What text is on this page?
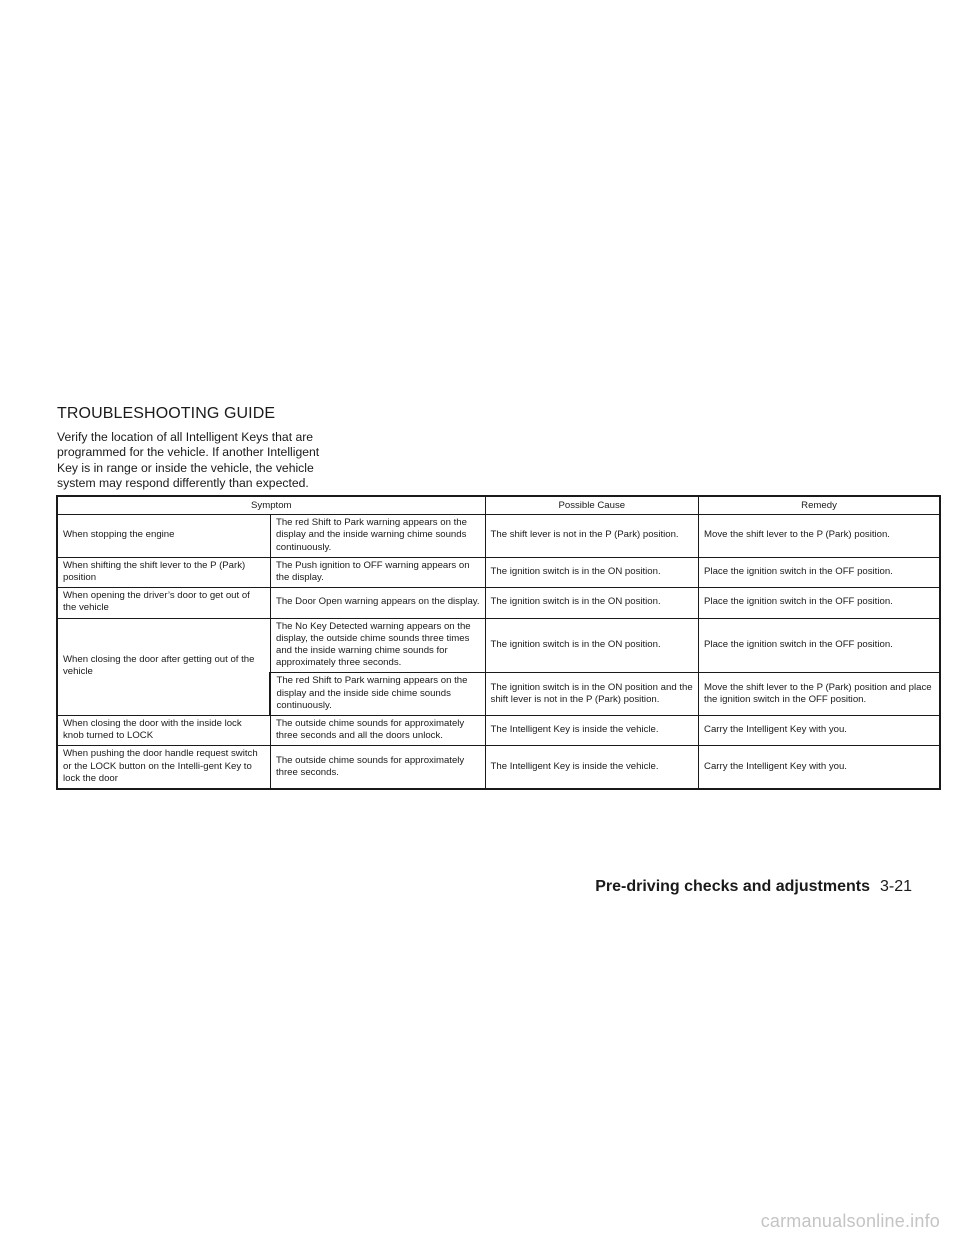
TROUBLESHOOTING GUIDE

Verify the location of all Intelligent Keys that are programmed for the vehicle. If another Intelligent Key is in range or inside the vehicle, the vehicle system may respond differently than expected.

Symptom		Possible Cause	Remedy
When stopping the engine	The red Shift to Park warning appears on the display and the inside warning chime sounds continuously.	The shift lever is not in the P (Park) position.	Move the shift lever to the P (Park) position.
When shifting the shift lever to the P (Park) position	The Push ignition to OFF warning appears on the display.	The ignition switch is in the ON position.	Place the ignition switch in the OFF position.
When opening the driver’s door to get out of the vehicle	The Door Open warning appears on the display.	The ignition switch is in the ON position.	Place the ignition switch in the OFF position.
When closing the door after getting out of the vehicle	The No Key Detected warning appears on the display, the outside chime sounds three times and the inside warning chime sounds for approximately three seconds.	The ignition switch is in the ON position.	Place the ignition switch in the OFF position.
	The red Shift to Park warning appears on the display and the inside side chime sounds continuously.	The ignition switch is in the ON position and the shift lever is not in the P (Park) position.	Move the shift lever to the P (Park) position and place the ignition switch in the OFF position.
When closing the door with the inside lock knob turned to LOCK	The outside chime sounds for approximately three seconds and all the doors unlock.	The Intelligent Key is inside the vehicle.	Carry the Intelligent Key with you.
When pushing the door handle request switch or the LOCK button on the Intelli-gent Key to lock the door	The outside chime sounds for approximately three seconds.	The Intelligent Key is inside the vehicle.	Carry the Intelligent Key with you.
Pre-driving checks and adjustments 3-21
carmanualsonline.info
